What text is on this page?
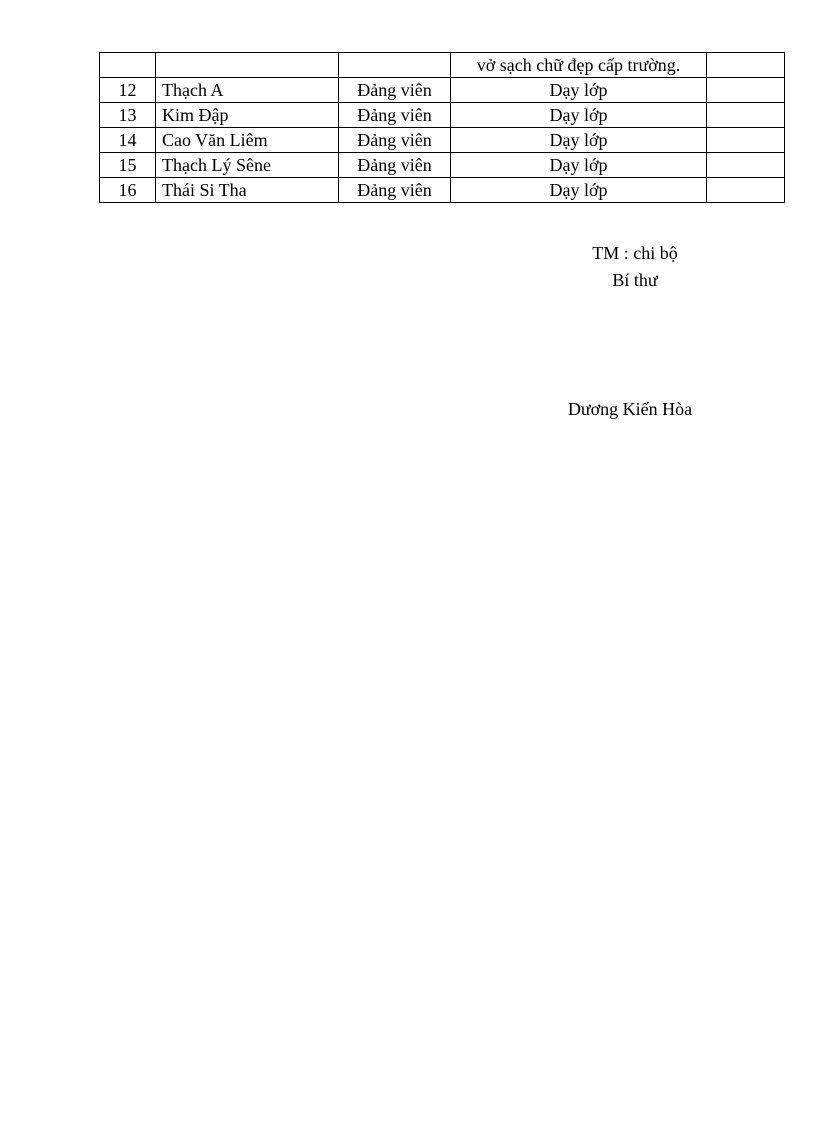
			vở sạch chữ đẹp cấp trường.	
12	Thạch A	Đảng viên	Dạy lớp	
13	Kim Đập	Đảng viên	Dạy lớp	
14	Cao Văn Liêm	Đảng viên	Dạy lớp	
15	Thạch Lý Sêne	Đảng viên	Dạy lớp	
16	Thái Si Tha	Đảng viên	Dạy lớp	
TM : chi bộ
Bí thư
Dương Kiến Hòa
